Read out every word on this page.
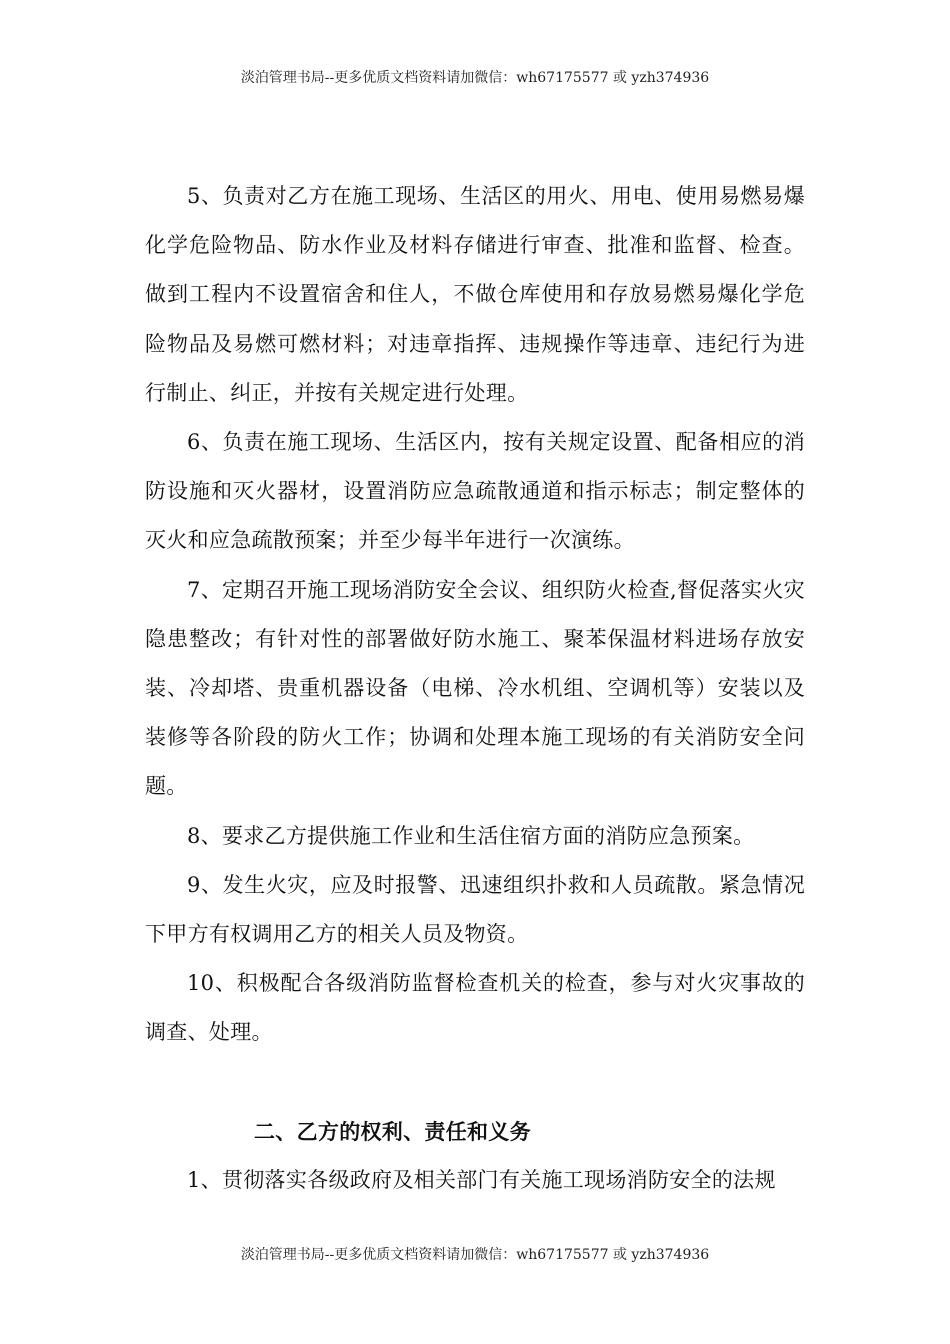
淡泊管理书局--更多优质文档资料请加微信：wh67175577 或 yzh374936

5、负责对乙方在施工现场、生活区的用火、用电、使用易燃易爆化学危险物品、防水作业及材料存储进行审查、批准和监督、检查。做到工程内不设置宿舍和住人，不做仓库使用和存放易燃易爆化学危险物品及易燃可燃材料；对违章指挥、违规操作等违章、违纪行为进行制止、纠正，并按有关规定进行处理。

6、负责在施工现场、生活区内，按有关规定设置、配备相应的消防设施和灭火器材，设置消防应急疏散通道和指示标志；制定整体的灭火和应急疏散预案；并至少每半年进行一次演练。

7、定期召开施工现场消防安全会议、组织防火检查,督促落实火灾隐患整改；有针对性的部署做好防水施工、聚苯保温材料进场存放安装、冷却塔、贵重机器设备（电梯、冷水机组、空调机等）安装以及装修等各阶段的防火工作；协调和处理本施工现场的有关消防安全问题。

8、要求乙方提供施工作业和生活住宿方面的消防应急预案。

9、发生火灾，应及时报警、迅速组织扑救和人员疏散。紧急情况下甲方有权调用乙方的相关人员及物资。

10、积极配合各级消防监督检查机关的检查，参与对火灾事故的调查、处理。

二、乙方的权利、责任和义务

1、贯彻落实各级政府及相关部门有关施工现场消防安全的法规

淡泊管理书局--更多优质文档资料请加微信：wh67175577 或 yzh374936
